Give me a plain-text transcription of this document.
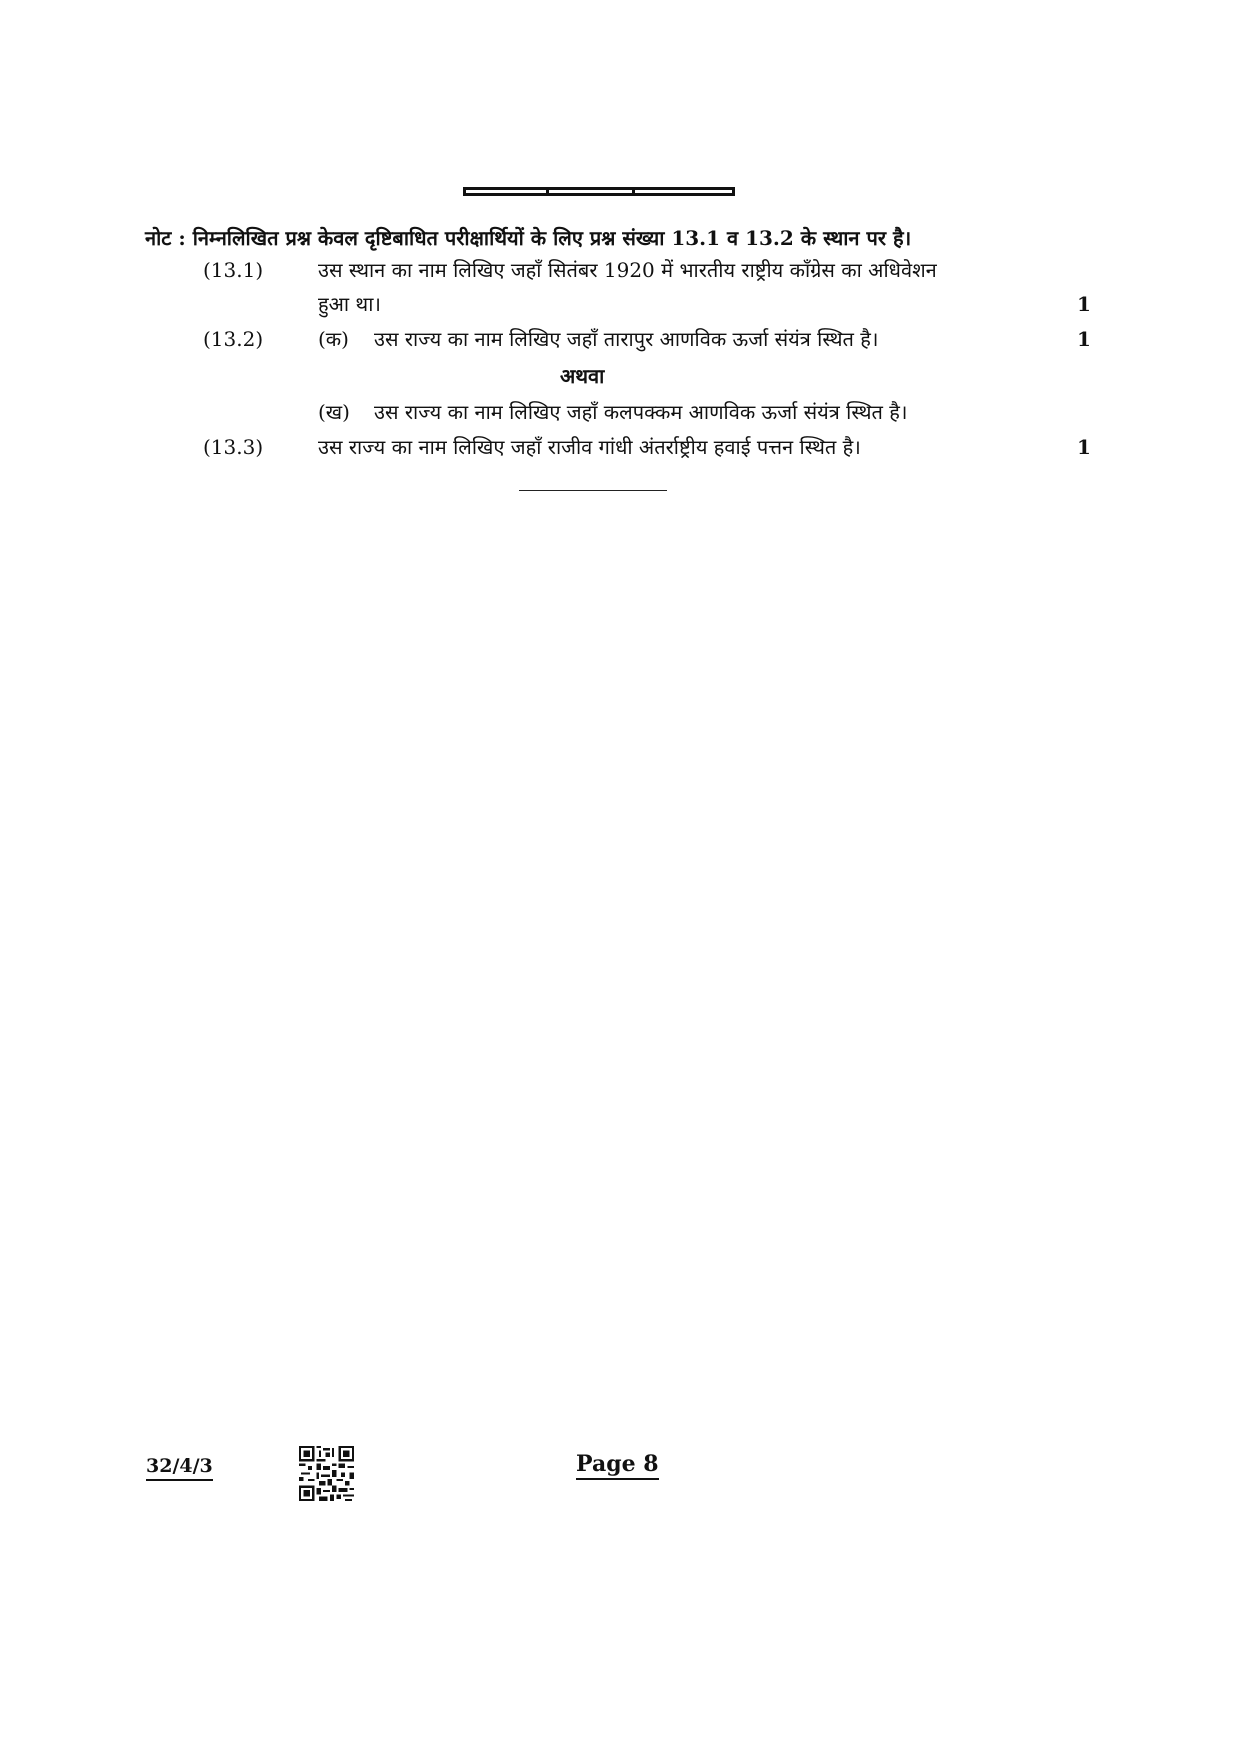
नोट : निम्नलिखित प्रश्न केवल दृष्टिबाधित परीक्षार्थियों के लिए प्रश्न संख्या 13.1 व 13.2 के स्थान पर है।
(13.1)	उस स्थान का नाम लिखिए जहाँ सितंबर 1920 में भारतीय राष्ट्रीय काँग्रेस का अधिवेशन
हुआ था।	1
(13.2)	(क) उस राज्य का नाम लिखिए जहाँ तारापुर आणविक ऊर्जा संयंत्र स्थित है।	1
अथवा
(ख) उस राज्य का नाम लिखिए जहाँ कलपक्कम आणविक ऊर्जा संयंत्र स्थित है।
(13.3)	उस राज्य का नाम लिखिए जहाँ राजीव गांधी अंतर्राष्ट्रीय हवाई पत्तन स्थित है।	1
32/4/3	Page 8
